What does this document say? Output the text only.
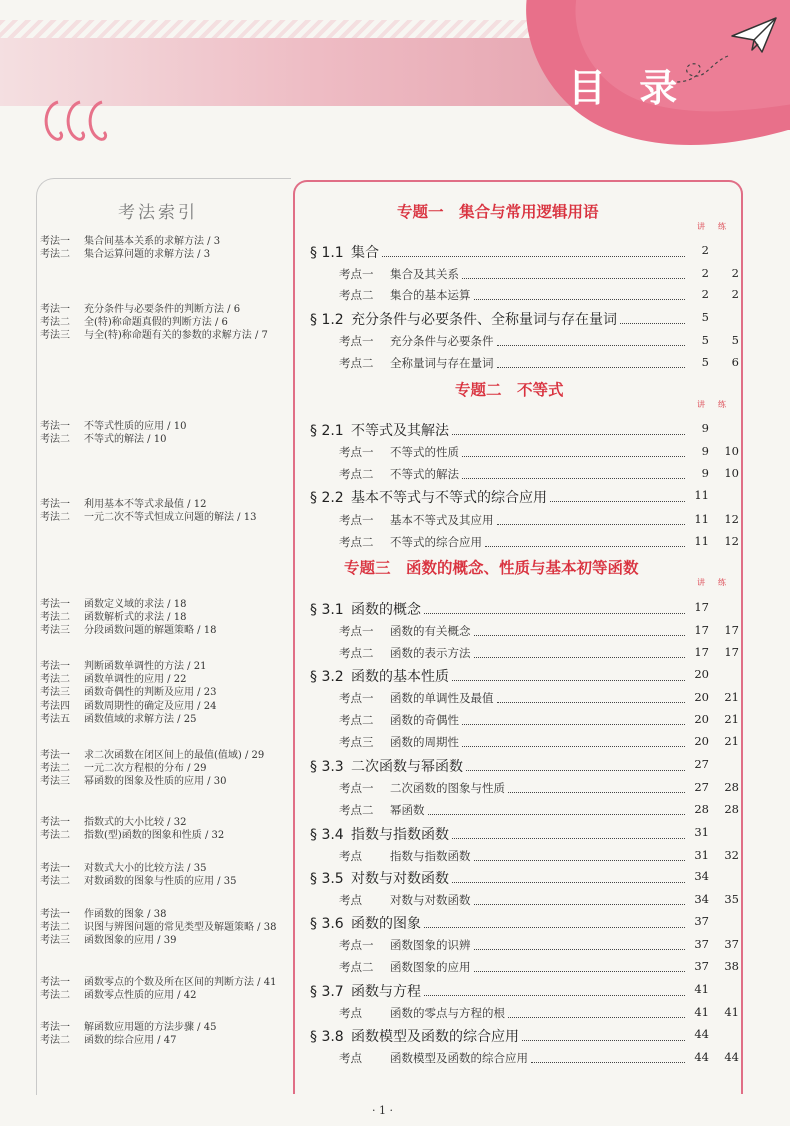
目 录
考法索引
考法一 集合间基本关系的求解方法 / 3
考法二 集合运算问题的求解方法 / 3
考法一 充分条件与必要条件的判断方法 / 6
考法二 全(特)称命题真假的判断方法 / 6
考法三 与全(特)称命题有关的参数的求解方法 / 7
考法一 不等式性质的应用 / 10
考法二 不等式的解法 / 10
考法一 利用基本不等式求最值 / 12
考法二 一元二次不等式恒成立问题的解法 / 13
考法一 函数定义域的求法 / 18
考法二 函数解析式的求法 / 18
考法三 分段函数问题的解题策略 / 18
考法一 判断函数单调性的方法 / 21
考法二 函数单调性的应用 / 22
考法三 函数奇偶性的判断及应用 / 23
考法四 函数周期性的确定及应用 / 24
考法五 函数值域的求解方法 / 25
考法一 求二次函数在闭区间上的最值(值域) / 29
考法二 一元二次方程根的分布 / 29
考法三 幂函数的图象及性质的应用 / 30
考法一 指数式的大小比较 / 32
考法二 指数(型)函数的图象和性质 / 32
考法一 对数式大小的比较方法 / 35
考法二 对数函数的图象与性质的应用 / 35
考法一 作函数的图象 / 38
考法二 识图与辨图问题的常见类型及解题策略 / 38
考法三 函数图象的应用 / 39
考法一 函数零点的个数及所在区间的判断方法 / 41
考法二 函数零点性质的应用 / 42
考法一 解函数应用题的方法步骤 / 45
考法二 函数的综合应用 / 47
专题一　集合与常用逻辑用语
讲 练
§ 1.1 集合	2
考点一 集合及其关系	2	2
考点二 集合的基本运算	2	2
§ 1.2 充分条件与必要条件、全称量词与存在量词	5
考点一 充分条件与必要条件	5	5
考点二 全称量词与存在量词	5	6
专题二　不等式
讲 练
§ 2.1 不等式及其解法	9
考点一 不等式的性质	9	10
考点二 不等式的解法	9	10
§ 2.2 基本不等式与不等式的综合应用	11
考点一 基本不等式及其应用	11	12
考点二 不等式的综合应用	11	12
专题三　函数的概念、性质与基本初等函数
讲 练
§ 3.1 函数的概念	17
考点一 函数的有关概念	17	17
考点二 函数的表示方法	17	17
§ 3.2 函数的基本性质	20
考点一 函数的单调性及最值	20	21
考点二 函数的奇偶性	20	21
考点三 函数的周期性	20	21
§ 3.3 二次函数与幂函数	27
考点一 二次函数的图象与性质	27	28
考点二 幂函数	28	28
§ 3.4 指数与指数函数	31
考点 指数与指数函数	31	32
§ 3.5 对数与对数函数	34
考点 对数与对数函数	34	35
§ 3.6 函数的图象	37
考点一 函数图象的识辨	37	37
考点二 函数图象的应用	37	38
§ 3.7 函数与方程	41
考点 函数的零点与方程的根	41	41
§ 3.8 函数模型及函数的综合应用	44
考点 函数模型及函数的综合应用	44	44
· 1 ·
